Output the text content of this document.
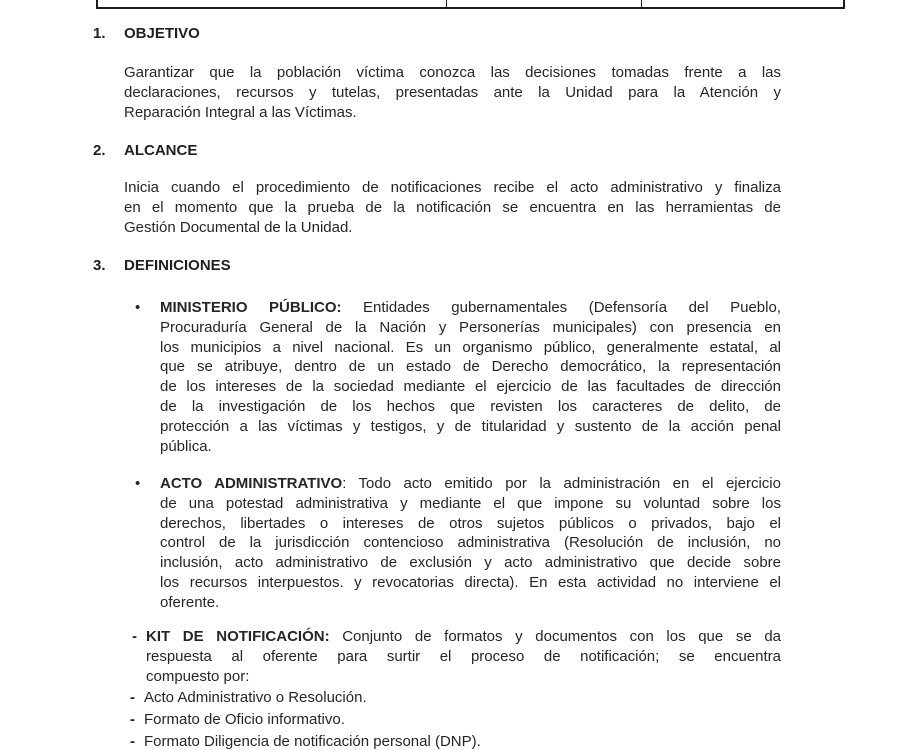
1. OBJETIVO
Garantizar que la población víctima conozca las decisiones tomadas frente a las
declaraciones, recursos y tutelas, presentadas ante la Unidad para la Atención y
Reparación Integral a las Víctimas.
2. ALCANCE
Inicia cuando el procedimiento de notificaciones recibe el acto administrativo y finaliza
en el momento que la prueba de la notificación se encuentra en las herramientas de
Gestión Documental de la Unidad.
3. DEFINICIONES
• MINISTERIO PÚBLICO: Entidades gubernamentales (Defensoría del Pueblo,
Procuraduría General de la Nación y Personerías municipales) con presencia en
los municipios a nivel nacional. Es un organismo público, generalmente estatal, al
que se atribuye, dentro de un estado de Derecho democrático, la representación
de los intereses de la sociedad mediante el ejercicio de las facultades de dirección
de la investigación de los hechos que revisten los caracteres de delito, de
protección a las víctimas y testigos, y de titularidad y sustento de la acción penal
pública.
• ACTO ADMINISTRATIVO: Todo acto emitido por la administración en el ejercicio
de una potestad administrativa y mediante el que impone su voluntad sobre los
derechos, libertades o intereses de otros sujetos públicos o privados, bajo el
control de la jurisdicción contencioso administrativa (Resolución de inclusión, no
inclusión, acto administrativo de exclusión y acto administrativo que decide sobre
los recursos interpuestos. y revocatorias directa). En esta actividad no interviene el
oferente.
- KIT DE NOTIFICACIÓN: Conjunto de formatos y documentos con los que se da
respuesta al oferente para surtir el proceso de notificación; se encuentra
compuesto por:
- Acto Administrativo o Resolución.
- Formato de Oficio informativo.
- Formato Diligencia de notificación personal (DNP).
